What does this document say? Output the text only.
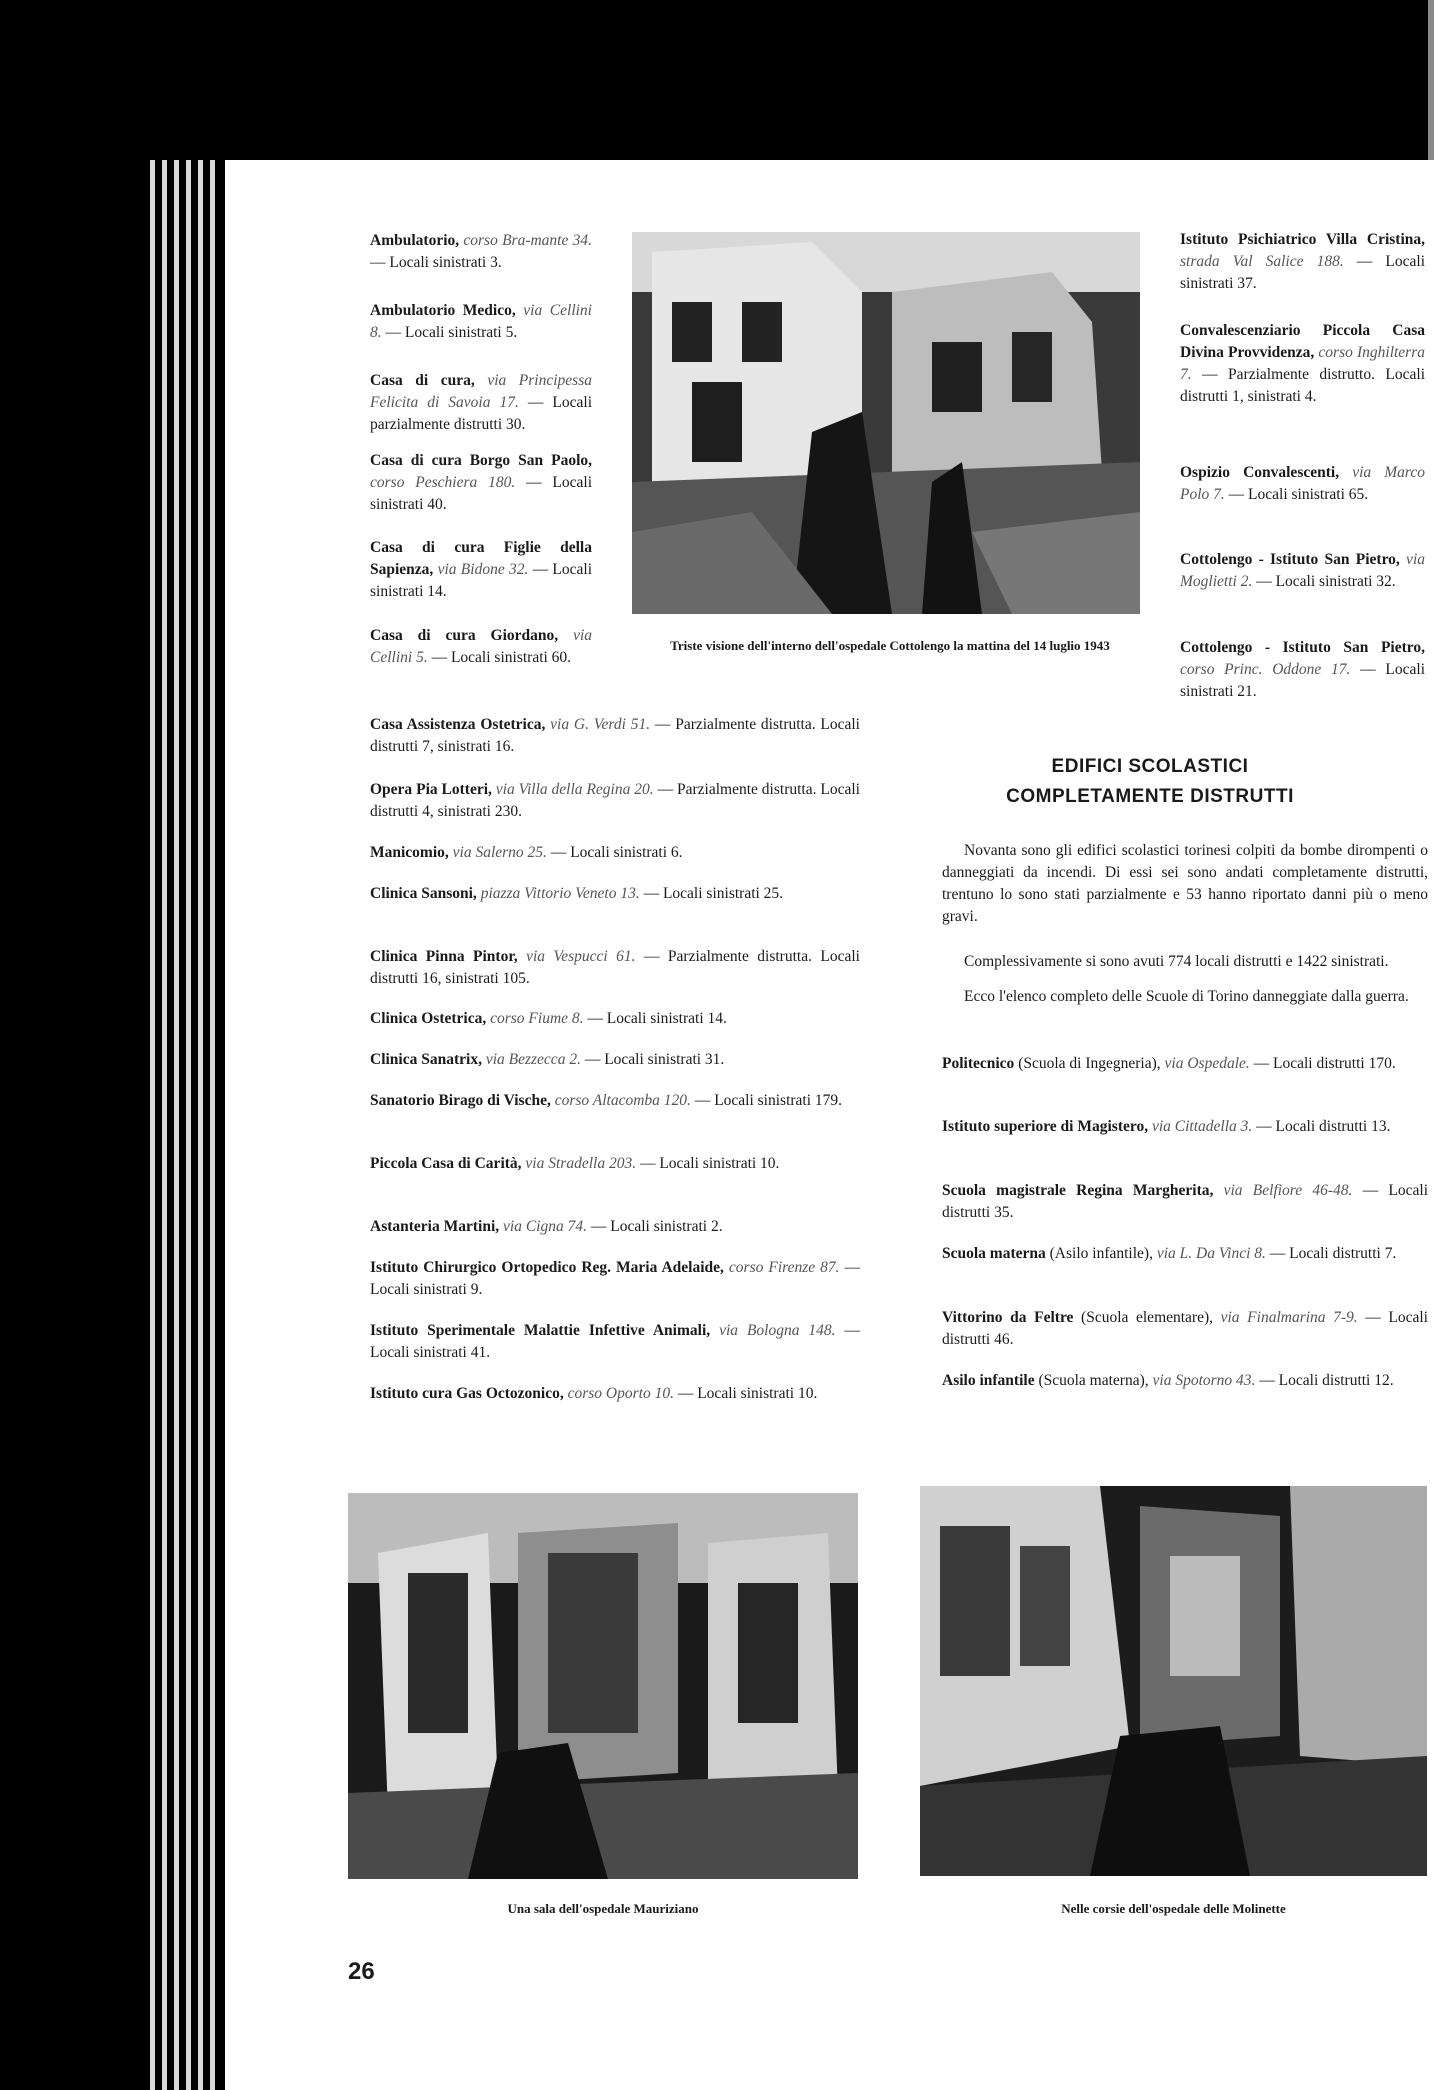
Ambulatorio, corso Bra-mante 34. — Locali sinistrati 3.
Ambulatorio Medico, via Cellini 8. — Locali sinistrati 5.
Casa di cura, via Principessa Felicita di Savoia 17. — Locali parzialmente distrutti 30.
Casa di cura Borgo San Paolo, corso Peschiera 180. — Locali sinistrati 40.
Casa di cura Figlie della Sapienza, via Bidone 32. — Locali sinistrati 14.
Casa di cura Giordano, via Cellini 5. — Locali sinistrati 60.
Triste visione dell'interno dell'ospedale Cottolengo la mattina del 14 luglio 1943
Casa Assistenza Ostetrica, via G. Verdi 51. — Parzialmente distrutta. Locali distrutti 7, sinistrati 16.
Opera Pia Lotteri, via Villa della Regina 20. — Parzialmente distrutta. Locali distrutti 4, sinistrati 230.
Manicomio, via Salerno 25. — Locali sinistrati 6.
Clinica Sansoni, piazza Vittorio Veneto 13. — Locali sinistrati 25.
Clinica Pinna Pintor, via Vespucci 61. — Parzialmente distrutta. Locali distrutti 16, sinistrati 105.
Clinica Ostetrica, corso Fiume 8. — Locali sinistrati 14.
Clinica Sanatrix, via Bezzecca 2. — Locali sinistrati 31.
Sanatorio Birago di Vische, corso Altacomba 120. — Locali sinistrati 179.
Piccola Casa di Carità, via Stradella 203. — Locali sinistrati 10.
Astanteria Martini, via Cigna 74. — Locali sinistrati 2.
Istituto Chirurgico Ortopedico Reg. Maria Adelaide, corso Firenze 87. — Locali sinistrati 9.
Istituto Sperimentale Malattie Infettive Animali, via Bologna 148. — Locali sinistrati 41.
Istituto cura Gas Octozonico, corso Oporto 10. — Locali sinistrati 10.
Istituto Psichiatrico Villa Cristina, strada Val Salice 188. — Locali sinistrati 37.
Convalescenziario Piccola Casa Divina Provvidenza, corso Inghilterra 7. — Parzialmente distrutto. Locali distrutti 1, sinistrati 4.
Ospizio Convalescenti, via Marco Polo 7. — Locali sinistrati 65.
Cottolengo - Istituto San Pietro, via Moglietti 2. — Locali sinistrati 32.
Cottolengo - Istituto San Pietro, corso Princ. Oddone 17. — Locali sinistrati 21.
EDIFICI SCOLASTICI
COMPLETAMENTE DISTRUTTI
Novanta sono gli edifici scolastici torinesi colpiti da bombe dirompenti o danneggiati da incendi. Di essi sei sono andati completamente distrutti, trentuno lo sono stati parzialmente e 53 hanno riportato danni più o meno gravi.
Complessivamente si sono avuti 774 locali distrutti e 1422 sinistrati.
Ecco l'elenco completo delle Scuole di Torino danneggiate dalla guerra.
Politecnico (Scuola di Ingegneria), via Ospedale. — Locali distrutti 170.
Istituto superiore di Magistero, via Cittadella 3. — Locali distrutti 13.
Scuola magistrale Regina Margherita, via Belfiore 46-48. — Locali distrutti 35.
Scuola materna (Asilo infantile), via L. Da Vinci 8. — Locali distrutti 7.
Vittorino da Feltre (Scuola elementare), via Finalmarina 7-9. — Locali distrutti 46.
Asilo infantile (Scuola materna), via Spotorno 43. — Locali distrutti 12.
Una sala dell'ospedale Mauriziano	Nelle corsie dell'ospedale delle Molinette
26
